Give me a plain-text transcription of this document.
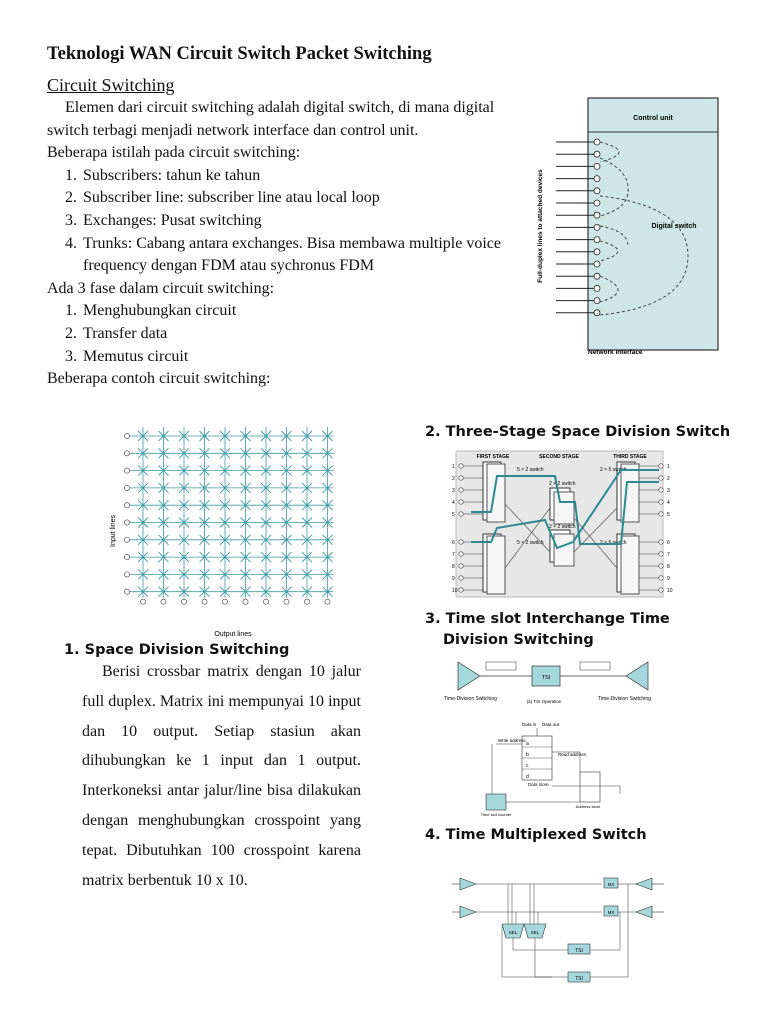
Teknologi WAN Circuit Switch Packet Switching
Circuit Switching
Elemen dari circuit switching adalah digital switch, di mana digital switch terbagi menjadi network interface dan control unit.
Beberapa istilah pada circuit switching:
1. Subscribers: tahun ke tahun
2. Subscriber line: subscriber line atau local loop
3. Exchanges: Pusat switching
4. Trunks: Cabang antara exchanges. Bisa membawa multiple voice frequency dengan FDM atau sychronus FDM
Ada 3 fase dalam circuit switching:
1. Menghubungkan circuit
2. Transfer data
3. Memutus circuit
Beberapa contoh circuit switching:
Control unit
Digital switch
Full-duplex lines to attached devices
Network interface
Input lines
Output lines
1. Space Division Switching
Berisi crossbar matrix dengan 10 jalur full duplex. Matrix ini mempunyai 10 input dan 10 output. Setiap stasiun akan dihubungkan ke 1 input dan 1 output. Interkoneksi antar jalur/line bisa dilakukan dengan menghubungkan crosspoint yang tepat. Dibutuhkan 100 crosspoint karena matrix berbentuk 10 x 10.
2. Three-Stage Space Division Switch
FIRST STAGE	SECOND STAGE	THIRD STAGE
5 × 2 switch
5 × 2 switch
2 × 5 switch
2 × 5 switch
2 × 2 switch
2 × 2 switch
1	1
2	2
3	3
4	4
5	5
6	6
7	7
8	8
9	9
10	10
3. Time slot Interchange Time
Division Switching
TSI
Time-Division Switching	Time-Division Switching
(a) TSI Operation
Data in Data out
Write address
Read address
Data store
Address store
Time slot counter
a
b
c
d
4. Time Multiplexed Switch
SEL	SEL
TSI
TSI
MX
MX
